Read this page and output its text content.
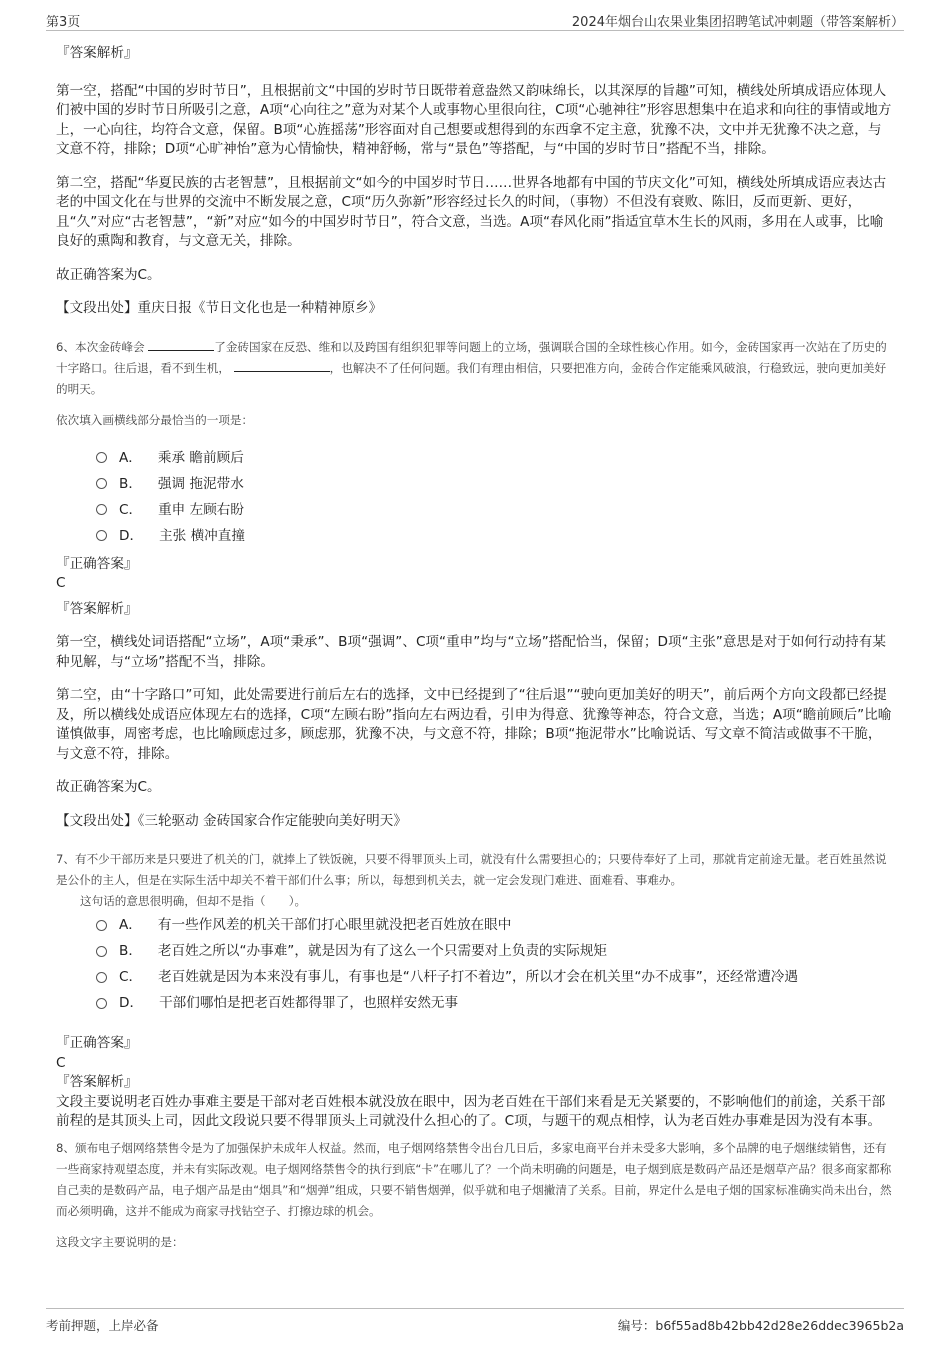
第3页	2024年烟台山农果业集团招聘笔试冲刺题（带答案解析）

『答案解析』

第一空，搭配“中国的岁时节日”，且根据前文“中国的岁时节日既带着意盎然又韵味绵长，以其深厚的旨趣”可知，横线处所填成语应体现人们被中国的岁时节日所吸引之意，A项“心向往之”意为对某个人或事物心里很向往，C项“心驰神往”形容思想集中在追求和向往的事情或地方上，一心向往，均符合文意，保留。B项“心旌摇荡”形容面对自己想要或想得到的东西拿不定主意，犹豫不决，文中并无犹豫不决之意，与文意不符，排除；D项“心旷神怡”意为心情愉快，精神舒畅，常与“景色”等搭配，与“中国的岁时节日”搭配不当，排除。

第二空，搭配“华夏民族的古老智慧”，且根据前文“如今的中国岁时节日……世界各地都有中国的节庆文化”可知，横线处所填成语应表达古老的中国文化在与世界的交流中不断发展之意，C项“历久弥新”形容经过长久的时间，（事物）不但没有衰败、陈旧，反而更新、更好，且“久”对应“古老智慧”，“新”对应“如今的中国岁时节日”，符合文意，当选。A项“春风化雨”指适宜草木生长的风雨，多用在人或事，比喻良好的熏陶和教育，与文意无关，排除。

故正确答案为C。

【文段出处】重庆日报《节日文化也是一种精神原乡》

6、本次金砖峰会	了金砖国家在反恐、维和以及跨国有组织犯罪等问题上的立场，强调联合国的全球性核心作用。如今，金砖国家再一次站在了历史的十字路口。往后退，看不到生机，	，也解决不了任何问题。我们有理由相信，只要把准方向，金砖合作定能乘风破浪，行稳致远，驶向更加美好的明天。

依次填入画横线部分最恰当的一项是：

A． 乘承 瞻前顾后
B． 强调 拖泥带水
C． 重申 左顾右盼
D． 主张 横冲直撞

『正确答案』

C

『答案解析』

第一空，横线处词语搭配“立场”，A项“秉承”、B项“强调”、C项“重申”均与“立场”搭配恰当，保留；D项“主张”意思是对于如何行动持有某种见解，与“立场”搭配不当，排除。

第二空，由“十字路口”可知，此处需要进行前后左右的选择，文中已经提到了“往后退”“驶向更加美好的明天”，前后两个方向文段都已经提及，所以横线处成语应体现左右的选择，C项“左顾右盼”指向左右两边看，引申为得意、犹豫等神态，符合文意，当选；A项“瞻前顾后”比喻谨慎做事，周密考虑，也比喻顾虑过多，顾虑那，犹豫不决，与文意不符，排除；B项“拖泥带水”比喻说话、写文章不简洁或做事不干脆，与文意不符，排除。

故正确答案为C。

【文段出处】《三轮驱动 金砖国家合作定能驶向美好明天》

7、有不少干部历来是只要进了机关的门，就捧上了铁饭碗，只要不得罪顶头上司，就没有什么需要担心的；只要侍奉好了上司，那就肯定前途无量。老百姓虽然说是公仆的主人，但是在实际生活中却关不着干部们什么事；所以，每想到机关去，就一定会发现门难进、面难看、事难办。

这句话的意思很明确，但却不是指（　　）。

A． 有一些作风差的机关干部们打心眼里就没把老百姓放在眼中
B． 老百姓之所以“办事难”，就是因为有了这么一个只需要对上负责的实际规矩
C． 老百姓就是因为本来没有事儿，有事也是“八杆子打不着边”，所以才会在机关里“办不成事”，还经常遭冷遇
D． 干部们哪怕是把老百姓都得罪了，也照样安然无事

『正确答案』

C

『答案解析』

文段主要说明老百姓办事难主要是干部对老百姓根本就没放在眼中，因为老百姓在干部们来看是无关紧要的，不影响他们的前途，关系干部前程的是其顶头上司，因此文段说只要不得罪顶头上司就没什么担心的了。C项，与题干的观点相悖，认为老百姓办事难是因为没有本事。

8、颁布电子烟网络禁售令是为了加强保护未成年人权益。然而，电子烟网络禁售令出台几日后，多家电商平台并未受多大影响，多个品牌的电子烟继续销售，还有一些商家持观望态度，并未有实际改观。电子烟网络禁售令的执行到底“卡”在哪儿了？一个尚未明确的问题是，电子烟到底是数码产品还是烟草产品？很多商家都称自己卖的是数码产品，电子烟产品是由“烟具”和“烟弹”组成，只要不销售烟弹，似乎就和电子烟撇清了关系。目前，界定什么是电子烟的国家标准确实尚未出台，然而必须明确，这并不能成为商家寻找钻空子、打擦边球的机会。

这段文字主要说明的是：

考前押题，上岸必备	编号：b6f55ad8b42bb42d28e26ddec3965b2a
